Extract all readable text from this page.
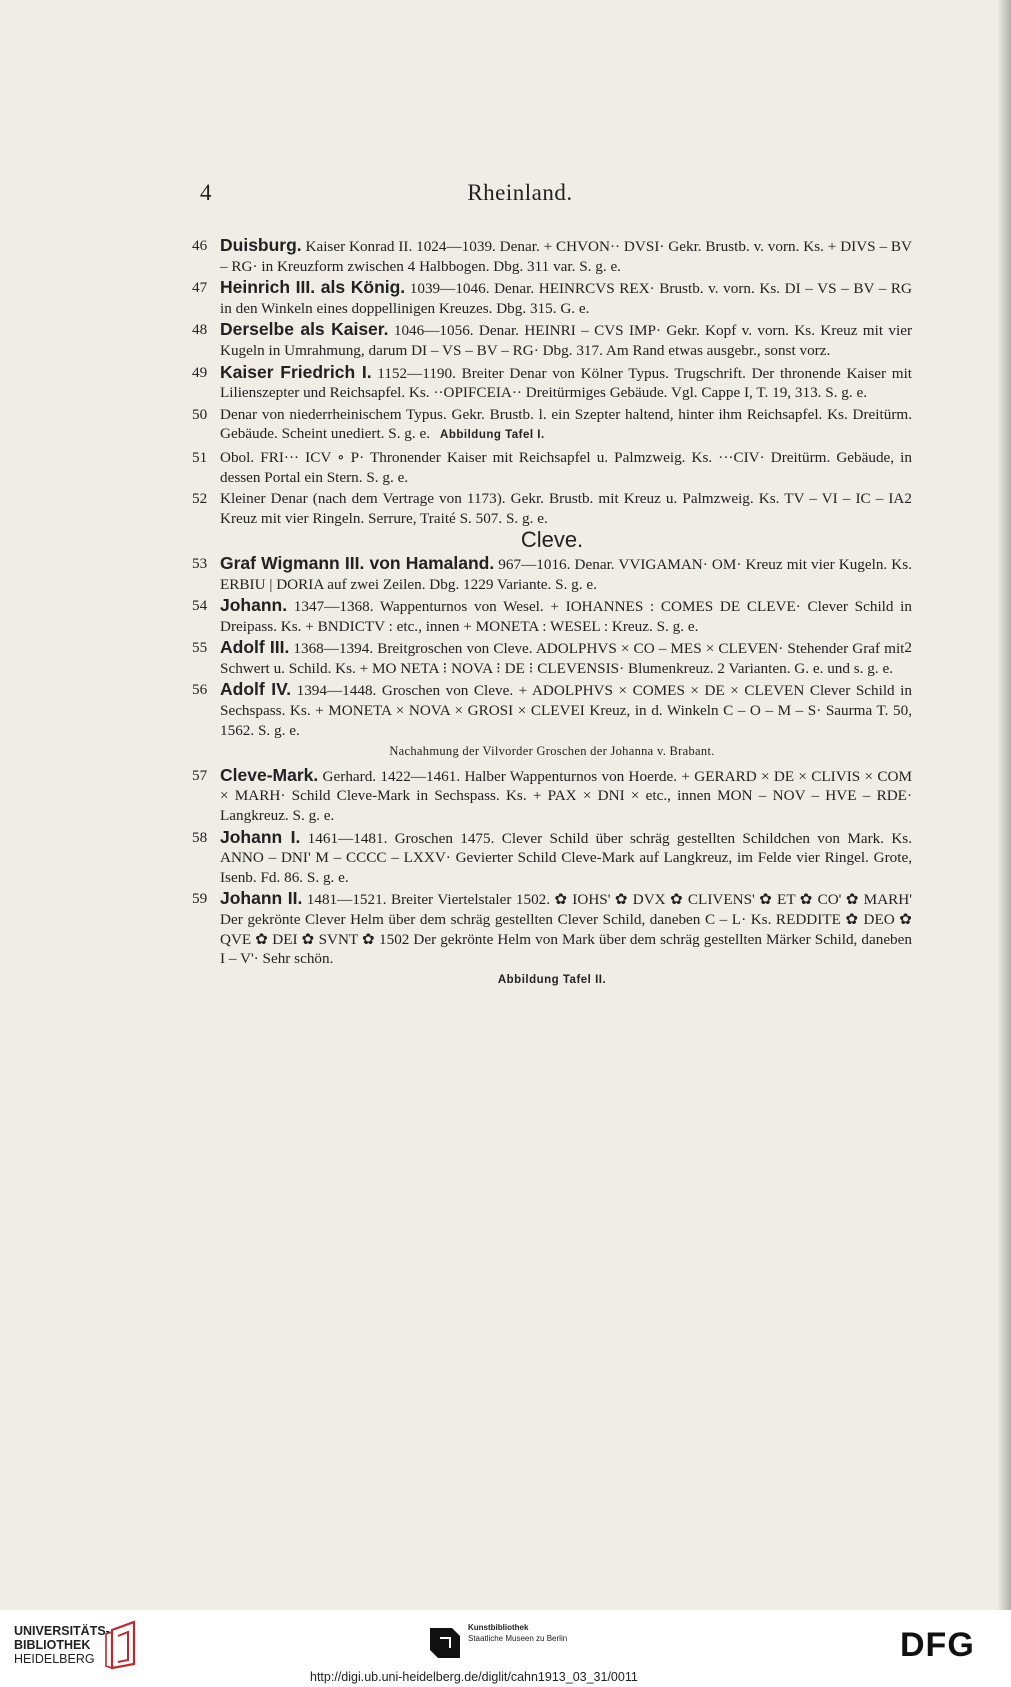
4	Rheinland.
46 Duisburg. Kaiser Konrad II. 1024—1039. Denar. + CHVON·· DVSI· Gekr. Brustb. v. vorn. Ks. + DIVS – BV – RG· in Kreuzform zwischen 4 Halbbogen. Dbg. 311 var. S. g. e.
47 Heinrich III. als König. 1039—1046. Denar. HEINRCVS REX· Brustb. v. vorn. Ks. DI – VS – BV – RG in den Winkeln eines doppellinigen Kreuzes. Dbg. 315. G. e.
48 Derselbe als Kaiser. 1046—1056. Denar. HEINRI – CVS IMP· Gekr. Kopf v. vorn. Ks. Kreuz mit vier Kugeln in Umrahmung, darum DI – VS – BV – RG· Dbg. 317. Am Rand etwas ausgebr., sonst vorz.
49 Kaiser Friedrich I. 1152—1190. Breiter Denar von Kölner Typus. Trugschrift. Der thronende Kaiser mit Lilienszepter und Reichsapfel. Ks. ··OPIFCEIA·· Dreitürmiges Gebäude. Vgl. Cappe I, T. 19, 313. S. g. e.
50 Denar von niederrheinischem Typus. Gekr. Brustb. l. ein Szepter haltend, hinter ihm Reichsapfel. Ks. Dreitürm. Gebäude. Scheint unediert. S. g. e. Abbildung Tafel I.
51 Obol. FRI··· ICV ∘ P· Thronender Kaiser mit Reichsapfel u. Palmzweig. Ks. ···CIV· Dreitürm. Gebäude, in dessen Portal ein Stern. S. g. e.
52	2
Kleiner Denar (nach dem Vertrage von 1173). Gekr. Brustb. mit Kreuz u. Palmzweig. Ks. TV – VI – IC – IA Kreuz mit vier Ringeln. Serrure, Traité S. 507. S. g. e.
Cleve.
53 Graf Wigmann III. von Hamaland. 967—1016. Denar. VVIGAMAN· OM· Kreuz mit vier Kugeln. Ks. ERBIU | DORIA auf zwei Zeilen. Dbg. 1229 Variante. S. g. e.
54 Johann. 1347—1368. Wappenturnos von Wesel. + IOHANNES : COMES DE CLEVE· Clever Schild in Dreipass. Ks. + BNDICTV : etc., innen + MONETA : WESEL : Kreuz. S. g. e.
55	2
Adolf III. 1368—1394. Breitgroschen von Cleve. ADOLPHVS × CO – MES × CLEVEN· Stehender Graf mit Schwert u. Schild. Ks. + MO NETA ⁝ NOVA ⁝ DE ⁝ CLEVENSIS· Blumenkreuz. 2 Varianten. G. e. und s. g. e.
56 Adolf IV. 1394—1448. Groschen von Cleve. + ADOLPHVS × COMES × DE × CLEVEN Clever Schild in Sechspass. Ks. + MONETA × NOVA × GROSI × CLEVEI Kreuz, in d. Winkeln C – O – M – S· Saurma T. 50, 1562. S. g. e.
Nachahmung der Vilvorder Groschen der Johanna v. Brabant.
57 Cleve-Mark. Gerhard. 1422—1461. Halber Wappenturnos von Hoerde. + GERARD × DE × CLIVIS × COM × MARH· Schild Cleve-Mark in Sechspass. Ks. + PAX × DNI × etc., innen MON – NOV – HVE – RDE· Langkreuz. S. g. e.
58 Johann I. 1461—1481. Groschen 1475. Clever Schild über schräg gestellten Schildchen von Mark. Ks. ANNO – DNI' M – CCCC – LXXV· Gevierter Schild Cleve-Mark auf Langkreuz, im Felde vier Ringel. Grote, Isenb. Fd. 86. S. g. e.
59 Johann II. 1481—1521. Breiter Viertelstaler 1502. ✿ IOHS' ✿ DVX ✿ CLIVENS' ✿ ET ✿ CO' ✿ MARH' Der gekrönte Clever Helm über dem schräg gestellten Clever Schild, daneben C – L· Ks. REDDITE ✿ DEO ✿ QVE ✿ DEI ✿ SVNT ✿ 1502 Der gekrönte Helm von Mark über dem schräg gestellten Märker Schild, daneben I – V'· Sehr schön.
Abbildung Tafel II.
UNIVERSITÄTS-
BIBLIOTHEK
HEIDELBERG
Kunstbibliothek
Staatliche Museen zu Berlin	DFG
http://digi.ub.uni-heidelberg.de/diglit/cahn1913_03_31/0011
